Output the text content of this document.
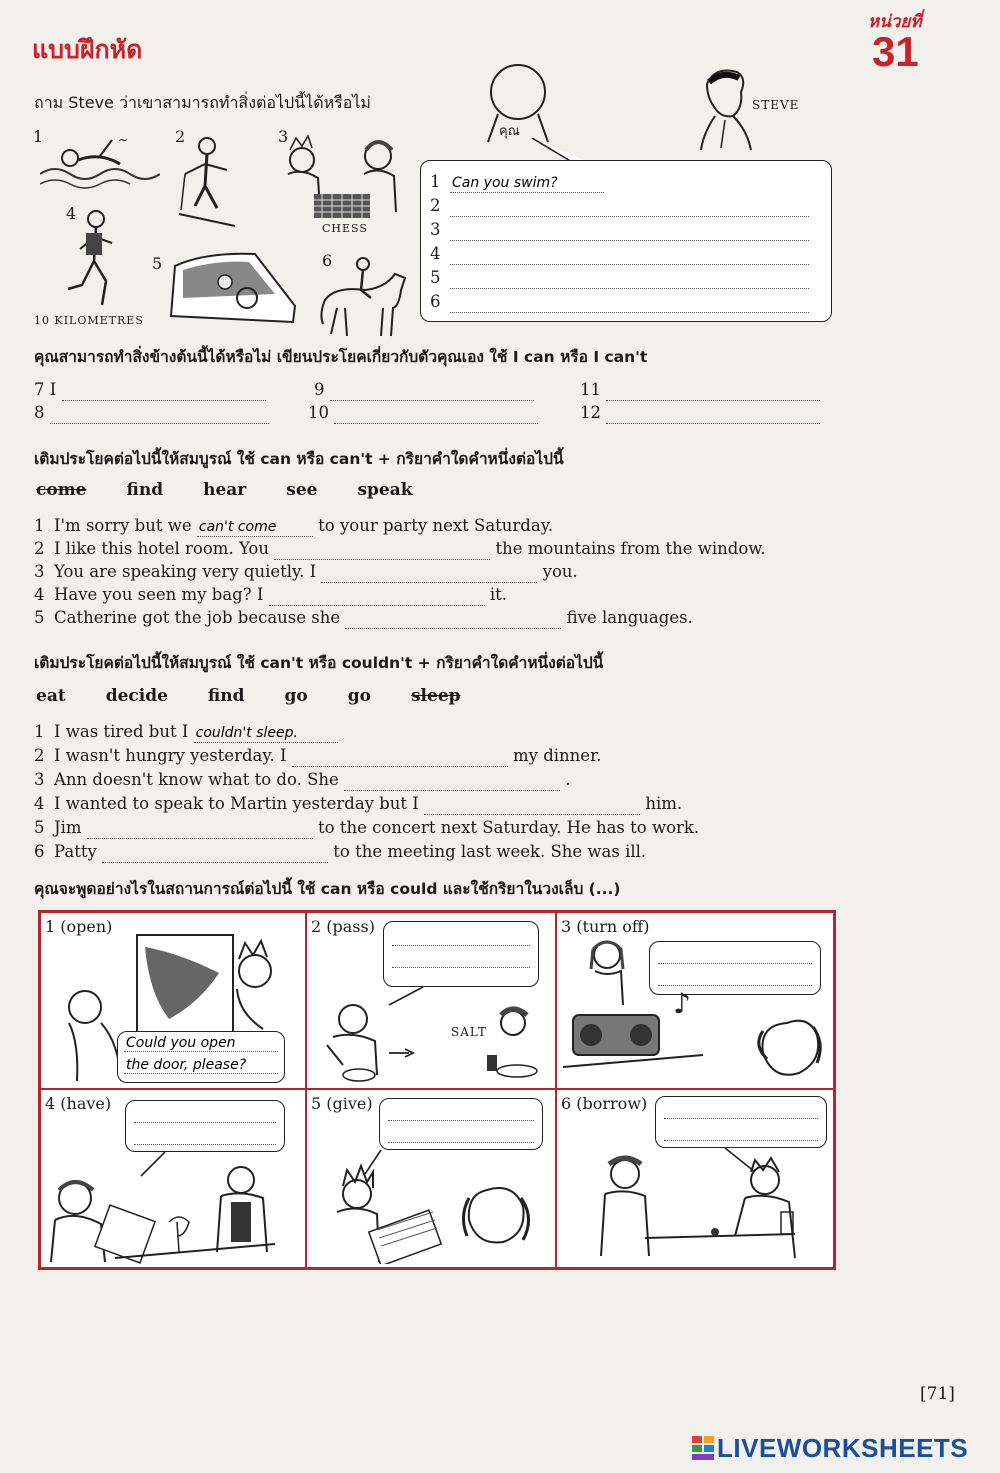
แบบฝึกหัด
หน่วยที่
31
ถาม Steve ว่าเขาสามารถทำสิ่งต่อไปนี้ได้หรือไม่
คุณ
STEVE
1	~	2	3
CHESS
4
10 KILOMETRES
5	6
1Can you swim?
2
3
4
5
6
คุณสามารถทำสิ่งข้างต้นนี้ได้หรือไม่ เขียนประโยคเกี่ยวกับตัวคุณเอง ใช้ I can หรือ I can't
7 I
8
9
10
11
12
เติมประโยคต่อไปนี้ให้สมบูรณ์ ใช้ can หรือ can't + กริยาคำใดคำหนึ่งต่อไปนี้
come find hear see speak
1 I'm sorry but we can't come	to your party next Saturday.
2 I like this hotel room. You	the mountains from the window.
3 You are speaking very quietly. I	you.
4 Have you seen my bag? I	it.
5 Catherine got the job because she	five languages.
เติมประโยคต่อไปนี้ให้สมบูรณ์ ใช้ can't หรือ couldn't + กริยาคำใดคำหนึ่งต่อไปนี้
eat decide find go go sleep
1 I was tired but I couldn't sleep.
2 I wasn't hungry yesterday. I	my dinner.
3 Ann doesn't know what to do. She	.
4 I wanted to speak to Martin yesterday but I	him.
5 Jim	to the concert next Saturday. He has to work.
6 Patty	to the meeting last week. She was ill.
คุณจะพูดอย่างไรในสถานการณ์ต่อไปนี้ ใช้ can หรือ could และใช้กริยาในวงเล็บ (...)
1 (open)
Could you open
the door, please?	2 (pass)
SALT
3 (turn off)
♪
4 (have)	5 (give)	6 (borrow)
[71]
LIVEWORKSHEETS
